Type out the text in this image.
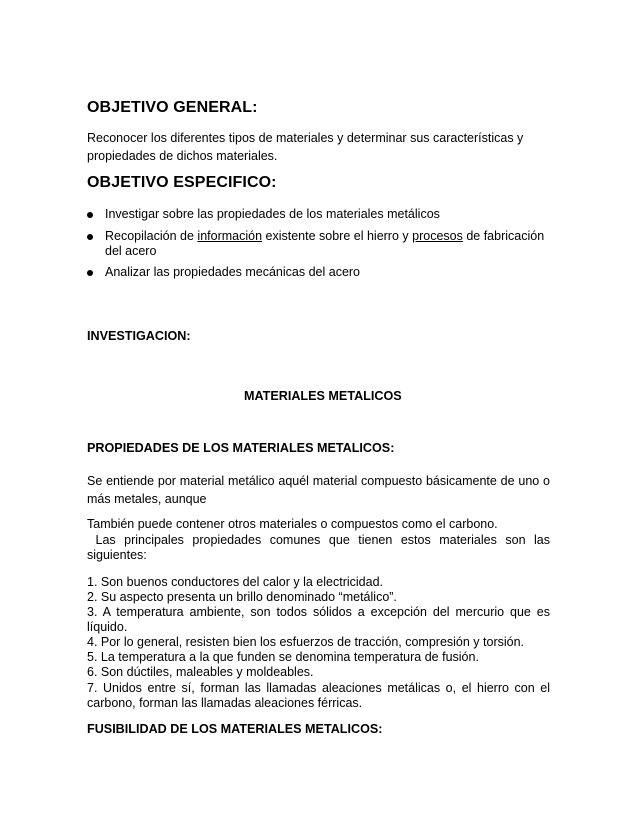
OBJETIVO GENERAL:
Reconocer los diferentes tipos de materiales y determinar sus características y
propiedades de dichos materiales.
OBJETIVO ESPECIFICO:
Investigar sobre las propiedades de los materiales metálicos
Recopilación de información existente sobre el hierro y procesos de fabricación
del acero
Analizar las propiedades mecánicas del acero
INVESTIGACION:
MATERIALES METALICOS
PROPIEDADES DE LOS MATERIALES METALICOS:
Se entiende por material metálico aquél material compuesto básicamente de uno o
más metales, aunque
También puede contener otros materiales o compuestos como el carbono.
Las principales propiedades comunes que tienen estos materiales son las
siguientes:
1. Son buenos conductores del calor y la electricidad.
2. Su aspecto presenta un brillo denominado “metálico”.
3. A temperatura ambiente, son todos sólidos a excepción del mercurio que es
líquido.
4. Por lo general, resisten bien los esfuerzos de tracción, compresión y torsión.
5. La temperatura a la que funden se denomina temperatura de fusión.
6. Son dúctiles, maleables y moldeables.
7. Unidos entre sí, forman las llamadas aleaciones metálicas o, el hierro con el
carbono, forman las llamadas aleaciones férricas.
FUSIBILIDAD DE LOS MATERIALES METALICOS:
